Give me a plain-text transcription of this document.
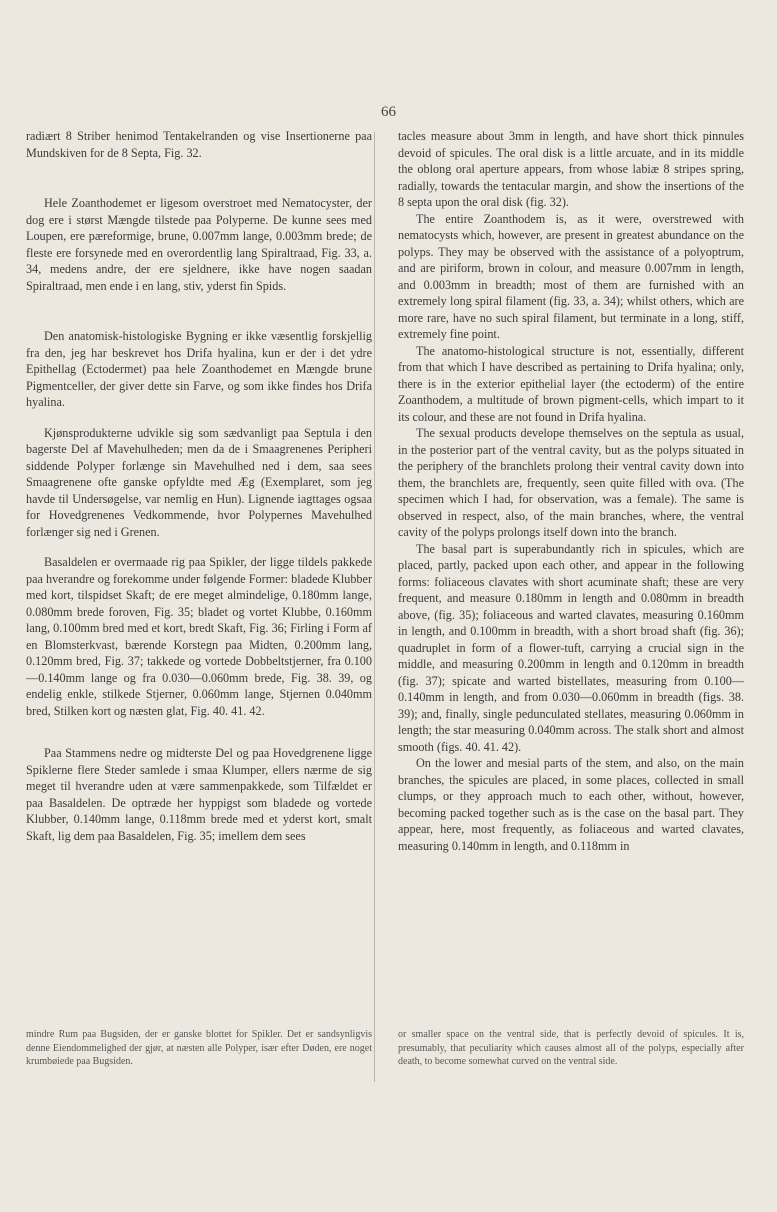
66

radiært 8 Striber henimod Tentakelranden og vise Insertionerne paa Mundskiven for de 8 Septa, Fig. 32.

Hele Zoanthodemet er ligesom overstroet med Nematocyster, der dog ere i størst Mængde tilstede paa Polyperne. De kunne sees med Loupen, ere pæreformige, brune, 0.007mm lange, 0.003mm brede; de fleste ere forsynede med en overordentlig lang Spiraltraad, Fig. 33, a. 34, medens andre, der ere sjeldnere, ikke have nogen saadan Spiraltraad, men ende i en lang, stiv, yderst fin Spids.

Den anatomisk-histologiske Bygning er ikke væsentlig forskjellig fra den, jeg har beskrevet hos Drifa hyalina, kun er der i det ydre Epithellag (Ectodermet) paa hele Zoanthodemet en Mængde brune Pigmentceller, der giver dette sin Farve, og som ikke findes hos Drifa hyalina.

Kjønsprodukterne udvikle sig som sædvanligt paa Septula i den bagerste Del af Mavehulheden; men da de i Smaagrenenes Peripheri siddende Polyper forlænge sin Mavehulhed ned i dem, saa sees Smaagrenene ofte ganske opfyldte med Æg (Exemplaret, som jeg havde til Undersøgelse, var nemlig en Hun). Lignende iagttages ogsaa for Hovedgrenenes Vedkommende, hvor Polypernes Mavehulhed forlænger sig ned i Grenen.

Basaldelen er overmaade rig paa Spikler, der ligge tildels pakkede paa hverandre og forekomme under følgende Former: bladede Klubber med kort, tilspidset Skaft; de ere meget almindelige, 0.180mm lange, 0.080mm brede foroven, Fig. 35; bladet og vortet Klubbe, 0.160mm lang, 0.100mm bred med et kort, bredt Skaft, Fig. 36; Firling i Form af en Blomsterkvast, bærende Korstegn paa Midten, 0.200mm lang, 0.120mm bred, Fig. 37; takkede og vortede Dobbeltstjerner, fra 0.100—0.140mm lange og fra 0.030—0.060mm brede, Fig. 38. 39, og endelig enkle, stilkede Stjerner, 0.060mm lange, Stjernen 0.040mm bred, Stilken kort og næsten glat, Fig. 40. 41. 42.

Paa Stammens nedre og midterste Del og paa Hovedgrenene ligge Spiklerne flere Steder samlede i smaa Klumper, ellers nærme de sig meget til hverandre uden at være sammenpakkede, som Tilfældet er paa Basaldelen. De optræde her hyppigst som bladede og vortede Klubber, 0.140mm lange, 0.118mm brede med et yderst kort, smalt Skaft, lig dem paa Basaldelen, Fig. 35; imellem dem sees

tacles measure about 3mm in length, and have short thick pinnules devoid of spicules. The oral disk is a little arcuate, and in its middle the oblong oral aperture appears, from whose labiæ 8 stripes spring, radially, towards the tentacular margin, and show the insertions of the 8 septa upon the oral disk (fig. 32).

The entire Zoanthodem is, as it were, overstrewed with nematocysts which, however, are present in greatest abundance on the polyps. They may be observed with the assistance of a polyoptrum, and are piriform, brown in colour, and measure 0.007mm in length, and 0.003mm in breadth; most of them are furnished with an extremely long spiral filament (fig. 33, a. 34); whilst others, which are more rare, have no such spiral filament, but terminate in a long, stiff, extremely fine point.

The anatomo-histological structure is not, essentially, different from that which I have described as pertaining to Drifa hyalina; only, there is in the exterior epithelial layer (the ectoderm) of the entire Zoanthodem, a multitude of brown pigment-cells, which impart to it its colour, and these are not found in Drifa hyalina.

The sexual products develope themselves on the septula as usual, in the posterior part of the ventral cavity, but as the polyps situated in the periphery of the branchlets prolong their ventral cavity down into them, the branchlets are, frequently, seen quite filled with ova. (The specimen which I had, for observation, was a female). The same is observed in respect, also, of the main branches, where, the ventral cavity of the polyps prolongs itself down into the branch.

The basal part is superabundantly rich in spicules, which are placed, partly, packed upon each other, and appear in the following forms: foliaceous clavates with short acuminate shaft; these are very frequent, and measure 0.180mm in length and 0.080mm in breadth above, (fig. 35); foliaceous and warted clavates, measuring 0.160mm in length, and 0.100mm in breadth, with a short broad shaft (fig. 36); quadruplet in form of a flower-tuft, carrying a crucial sign in the middle, and measuring 0.200mm in length and 0.120mm in breadth (fig. 37); spicate and warted bistellates, measuring from 0.100—0.140mm in length, and from 0.030—0.060mm in breadth (figs. 38. 39); and, finally, single pedunculated stellates, measuring 0.060mm in length; the star measuring 0.040mm across. The stalk short and almost smooth (figs. 40. 41. 42).

On the lower and mesial parts of the stem, and also, on the main branches, the spicules are placed, in some places, collected in small clumps, or they approach much to each other, without, however, becoming packed together such as is the case on the basal part. They appear, here, most frequently, as foliaceous and warted clavates, measuring 0.140mm in length, and 0.118mm in

mindre Rum paa Bugsiden, der er ganske blottet for Spikler. Det er sandsynligvis denne Eiendommelighed der gjør, at næsten alle Polyper, især efter Døden, ere noget krumbøiede paa Bugsiden.
or smaller space on the ventral side, that is perfectly devoid of spicules. It is, presumably, that peculiarity which causes almost all of the polyps, especially after death, to become somewhat curved on the ventral side.
